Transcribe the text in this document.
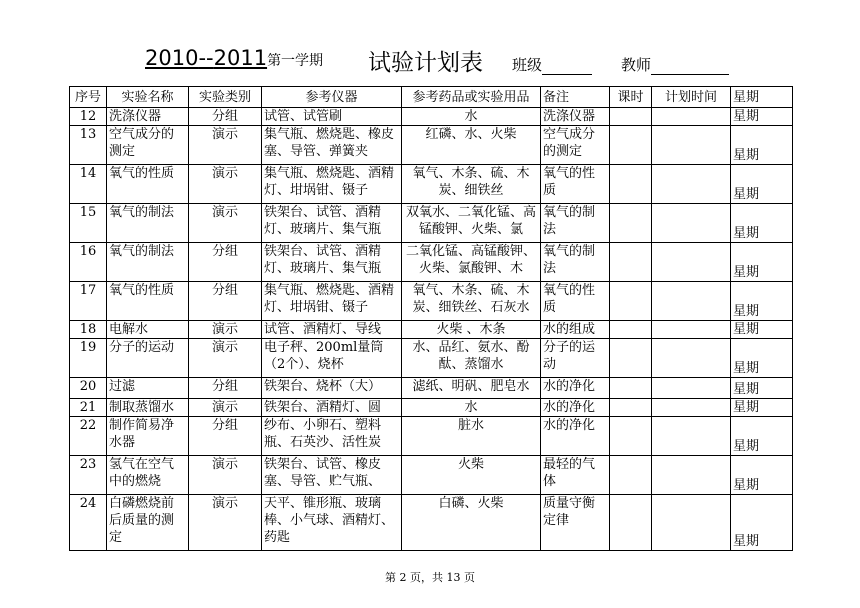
2010--2011第一学期 试验计划表 班级	教师
序号	实验名称	实验类别	参考仪器	参考药品或实验用品	备注	课时	计划时间	星期

12	洗涤仪器	分组	试管、试管刷	水	洗涤仪器			星期

13	空气成分的测定	演示	集气瓶、燃烧匙、橡皮塞、导管、弹簧夹	红磷、水、火柴	空气成分的测定			星期

14	氧气的性质	演示	集气瓶、燃烧匙、酒精灯、坩埚钳、镊子	氧气、木条、硫、木炭、细铁丝	氧气的性质			星期

15	氧气的制法	演示	铁架台、试管、酒精灯、玻璃片、集气瓶	双氧水、二氧化锰、高锰酸钾、火柴、氯	氧气的制法			星期

16	氧气的制法	分组	铁架台、试管、酒精灯、玻璃片、集气瓶	二氧化锰、高锰酸钾、火柴、氯酸钾、木	氧气的制法			星期

17	氧气的性质	分组	集气瓶、燃烧匙、酒精灯、坩埚钳、镊子	氧气、木条、硫、木炭、细铁丝、石灰水	氧气的性质			星期

18	电解水	演示	试管、酒精灯、导线	火柴 、木条	水的组成			星期

19	分子的运动	演示	电子秤、200ml量筒（2个）、烧杯	水、品红、氨水、酚酞、蒸馏水	分子的运动			星期

20	过滤	分组	铁架台、烧杯（大）	滤纸、明矾、肥皂水	水的净化			星期

21	制取蒸馏水	演示	铁架台、酒精灯、圆	水	水的净化			星期

22	制作简易净水器	分组	纱布、小卵石、塑料瓶、石英沙、活性炭	脏水	水的净化			星期

23	氢气在空气中的燃烧	演示	铁架台、试管、橡皮塞、导管、贮气瓶、	火柴	最轻的气体			星期

24	白磷燃烧前后质量的测定	演示	天平、锥形瓶、玻璃棒、小气球、酒精灯、药匙	白磷、火柴	质量守衡定律			星期
第 2 页，共 13 页
